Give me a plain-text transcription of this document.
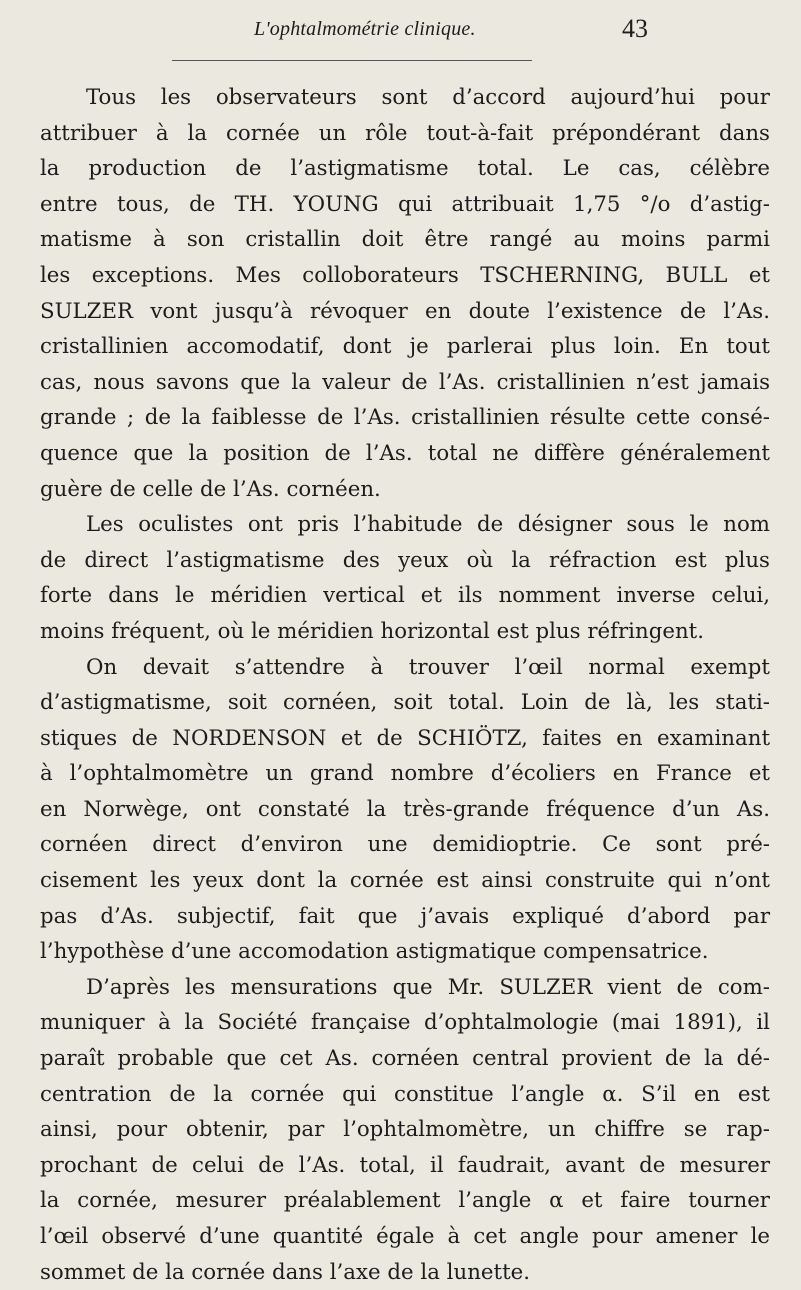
L'ophtalmométrie clinique.	43
Tous les observateurs sont d’accord aujourd’hui pour
attribuer à la cornée un rôle tout-à-fait prépondérant dans
la production de l’astigmatisme total. Le cas, célèbre
entre tous, de TH. YOUNG qui attribuait 1,75 °/o d’astig-
matisme à son cristallin doit être rangé au moins parmi
les exceptions. Mes colloborateurs TSCHERNING, BULL et
SULZER vont jusqu’à révoquer en doute l’existence de l’As.
cristallinien accomodatif, dont je parlerai plus loin. En tout
cas, nous savons que la valeur de l’As. cristallinien n’est jamais
grande ; de la faiblesse de l’As. cristallinien résulte cette consé-
quence que la position de l’As. total ne diffère généralement
guère de celle de l’As. cornéen.
Les oculistes ont pris l’habitude de désigner sous le nom
de direct l’astigmatisme des yeux où la réfraction est plus
forte dans le méridien vertical et ils nomment inverse celui,
moins fréquent, où le méridien horizontal est plus réfringent.
On devait s’attendre à trouver l’œil normal exempt
d’astigmatisme, soit cornéen, soit total. Loin de là, les stati-
stiques de NORDENSON et de SCHIÖTZ, faites en examinant
à l’ophtalmomètre un grand nombre d’écoliers en France et
en Norwège, ont constaté la très-grande fréquence d’un As.
cornéen direct d’environ une demidioptrie. Ce sont pré-
cisement les yeux dont la cornée est ainsi construite qui n’ont
pas d’As. subjectif, fait que j’avais expliqué d’abord par
l’hypothèse d’une accomodation astigmatique compensatrice.
D’après les mensurations que Mr. SULZER vient de com-
muniquer à la Société française d’ophtalmologie (mai 1891), il
paraît probable que cet As. cornéen central provient de la dé-
centration de la cornée qui constitue l’angle α. S’il en est
ainsi, pour obtenir, par l’ophtalmomètre, un chiffre se rap-
prochant de celui de l’As. total, il faudrait, avant de mesurer
la cornée, mesurer préalablement l’angle α et faire tourner
l’œil observé d’une quantité égale à cet angle pour amener le
sommet de la cornée dans l’axe de la lunette.
